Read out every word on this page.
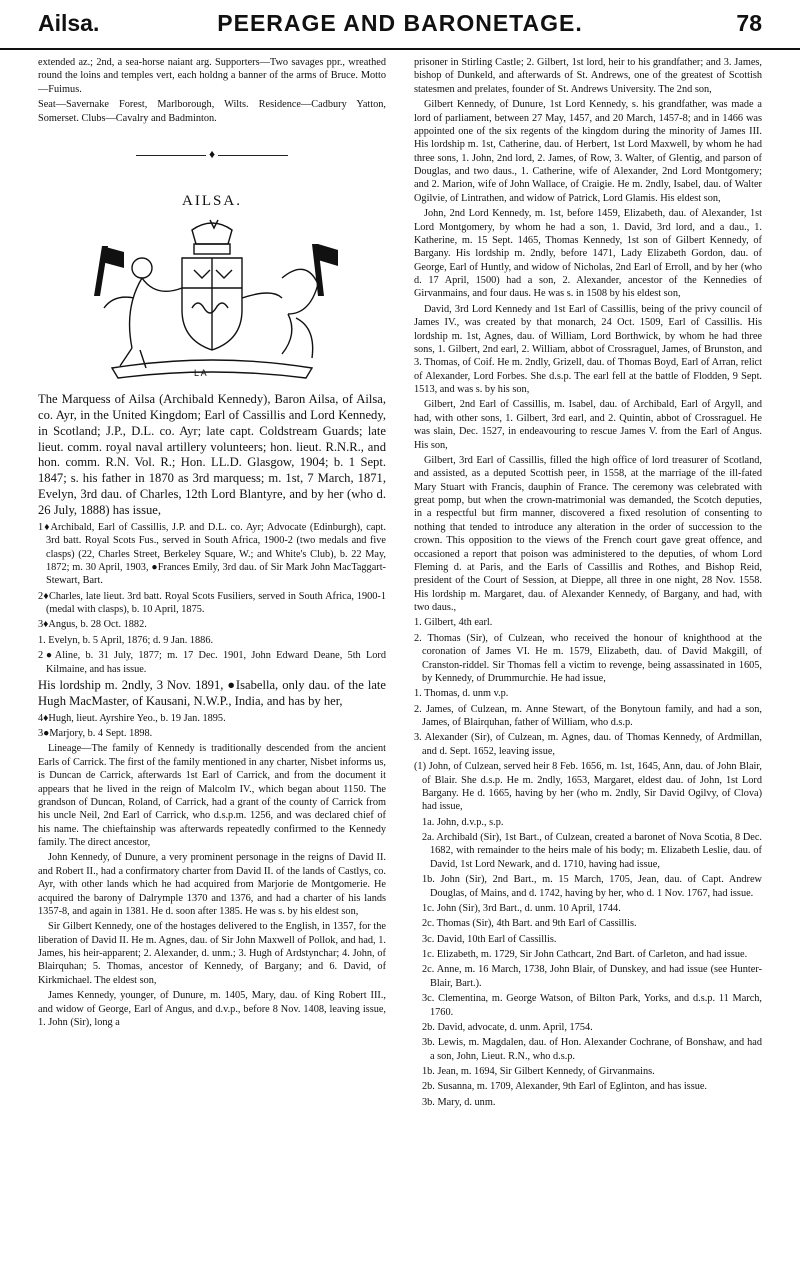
Ailsa.	PEERAGE AND BARONETAGE.	78

extended az.; 2nd, a sea-horse naiant arg. Supporters—Two savages ppr., wreathed round the loins and temples vert, each holdng a banner of the arms of Bruce. Motto—Fuimus.

Seat—Savernake Forest, Marlborough, Wilts. Residence—Cadbury Yatton, Somerset. Clubs—Cavalry and Badminton.

♦
AILSA.
L A

The Marquess of Ailsa (Archibald Kennedy), Baron Ailsa, of Ailsa, co. Ayr, in the United Kingdom; Earl of Cassillis and Lord Kennedy, in Scotland; J.P., D.L. co. Ayr; late capt. Coldstream Guards; late lieut. comm. royal naval artillery volunteers; hon. lieut. R.N.R., and hon. comm. R.N. Vol. R.; Hon. LL.D. Glasgow, 1904; b. 1 Sept. 1847; s. his father in 1870 as 3rd marquess; m. 1st, 7 March, 1871, Evelyn, 3rd dau. of Charles, 12th Lord Blantyre, and by her (who d. 26 July, 1888) has issue,

1♦Archibald, Earl of Cassillis, J.P. and D.L. co. Ayr; Advocate (Edinburgh), capt. 3rd batt. Royal Scots Fus., served in South Africa, 1900-2 (two medals and five clasps) (22, Charles Street, Berkeley Square, W.; and White's Club), b. 22 May, 1872; m. 30 April, 1903, ●Frances Emily, 3rd dau. of Sir Mark John MacTaggart-Stewart, Bart.

2♦Charles, late lieut. 3rd batt. Royal Scots Fusiliers, served in South Africa, 1900-1 (medal with clasps), b. 10 April, 1875.

3♦Angus, b. 28 Oct. 1882.

1. Evelyn, b. 5 April, 1876; d. 9 Jan. 1886.

2●Aline, b. 31 July, 1877; m. 17 Dec. 1901, John Edward Deane, 5th Lord Kilmaine, and has issue.

His lordship m. 2ndly, 3 Nov. 1891, ●Isabella, only dau. of the late Hugh MacMaster, of Kausani, N.W.P., India, and has by her,

4♦Hugh, lieut. Ayrshire Yeo., b. 19 Jan. 1895.

3●Marjory, b. 4 Sept. 1898.

Lineage—The family of Kennedy is traditionally descended from the ancient Earls of Carrick. The first of the family mentioned in any charter, Nisbet informs us, is Duncan de Carrick, afterwards 1st Earl of Carrick, and from the document it appears that he lived in the reign of Malcolm IV., which began about 1150. The grandson of Duncan, Roland, of Carrick, had a grant of the county of Carrick from his uncle Neil, 2nd Earl of Carrick, who d.s.p.m. 1256, and was declared chief of his name. The chieftainship was afterwards repeatedly confirmed to the Kennedy family. The direct ancestor,

John Kennedy, of Dunure, a very prominent personage in the reigns of David II. and Robert II., had a confirmatory charter from David II. of the lands of Castlys, co. Ayr, with other lands which he had acquired from Marjorie de Montgomerie. He acquired the barony of Dalrymple 1370 and 1376, and had a charter of his lands 1357-8, and again in 1381. He d. soon after 1385. He was s. by his eldest son,

Sir Gilbert Kennedy, one of the hostages delivered to the English, in 1357, for the liberation of David II. He m. Agnes, dau. of Sir John Maxwell of Pollok, and had, 1. James, his heir-apparent; 2. Alexander, d. unm.; 3. Hugh of Ardstynchar; 4. John, of Blairquhan; 5. Thomas, ancestor of Kennedy, of Bargany; and 6. David, of Kirkmichael. The eldest son,

James Kennedy, younger, of Dunure, m. 1405, Mary, dau. of King Robert III., and widow of George, Earl of Angus, and d.v.p., before 8 Nov. 1408, leaving issue, 1. John (Sir), long a

prisoner in Stirling Castle; 2. Gilbert, 1st lord, heir to his grandfather; and 3. James, bishop of Dunkeld, and afterwards of St. Andrews, one of the greatest of Scottish statesmen and prelates, founder of St. Andrews University. The 2nd son,

Gilbert Kennedy, of Dunure, 1st Lord Kennedy, s. his grandfather, was made a lord of parliament, between 27 May, 1457, and 20 March, 1457-8; and in 1466 was appointed one of the six regents of the kingdom during the minority of James III. His lordship m. 1st, Catherine, dau. of Herbert, 1st Lord Maxwell, by whom he had three sons, 1. John, 2nd lord, 2. James, of Row, 3. Walter, of Glentig, and parson of Douglas, and two daus., 1. Catherine, wife of Alexander, 2nd Lord Montgomery; and 2. Marion, wife of John Wallace, of Craigie. He m. 2ndly, Isabel, dau. of Walter Ogilvie, of Lintrathen, and widow of Patrick, Lord Glamis. His eldest son,

John, 2nd Lord Kennedy, m. 1st, before 1459, Elizabeth, dau. of Alexander, 1st Lord Montgomery, by whom he had a son, 1. David, 3rd lord, and a dau., 1. Katherine, m. 15 Sept. 1465, Thomas Kennedy, 1st son of Gilbert Kennedy, of Bargany. His lordship m. 2ndly, before 1471, Lady Elizabeth Gordon, dau. of George, Earl of Huntly, and widow of Nicholas, 2nd Earl of Erroll, and by her (who d. 17 April, 1500) had a son, 2. Alexander, ancestor of the Kennedies of Girvanmains, and four daus. He was s. in 1508 by his eldest son,

David, 3rd Lord Kennedy and 1st Earl of Cassillis, being of the privy council of James IV., was created by that monarch, 24 Oct. 1509, Earl of Cassillis. His lordship m. 1st, Agnes, dau. of William, Lord Borthwick, by whom he had three sons, 1. Gilbert, 2nd earl, 2. William, abbot of Crossraguel, James, of Brunston, and 3. Thomas, of Coif. He m. 2ndly, Grizell, dau. of Thomas Boyd, Earl of Arran, relict of Alexander, Lord Forbes. She d.s.p. The earl fell at the battle of Flodden, 9 Sept. 1513, and was s. by his son,

Gilbert, 2nd Earl of Cassillis, m. Isabel, dau. of Archibald, Earl of Argyll, and had, with other sons, 1. Gilbert, 3rd earl, and 2. Quintin, abbot of Crossraguel. He was slain, Dec. 1527, in endeavouring to rescue James V. from the Earl of Angus. His son,

Gilbert, 3rd Earl of Cassillis, filled the high office of lord treasurer of Scotland, and assisted, as a deputed Scottish peer, in 1558, at the marriage of the ill-fated Mary Stuart with Francis, dauphin of France. The ceremony was celebrated with great pomp, but when the crown-matrimonial was demanded, the Scotch deputies, in a respectful but firm manner, discovered a fixed resolution of consenting to nothing that tended to introduce any alteration in the order of succession to the crown. This opposition to the views of the French court gave great offence, and occasioned a report that poison was administered to the deputies, of whom Lord Fleming d. at Paris, and the Earls of Cassillis and Rothes, and Bishop Reid, president of the Court of Session, at Dieppe, all three in one night, 28 Nov. 1558. His lordship m. Margaret, dau. of Alexander Kennedy, of Bargany, and had, with two daus.,

1. Gilbert, 4th earl.

2. Thomas (Sir), of Culzean, who received the honour of knighthood at the coronation of James VI. He m. 1579, Elizabeth, dau. of David Makgill, of Cranston-riddel. Sir Thomas fell a victim to revenge, being assassinated in 1605, by Kennedy, of Drummurchie. He had issue,

1. Thomas, d. unm v.p.

2. James, of Culzean, m. Anne Stewart, of the Bonytoun family, and had a son, James, of Blairquhan, father of William, who d.s.p.

3. Alexander (Sir), of Culzean, m. Agnes, dau. of Thomas Kennedy, of Ardmillan, and d. Sept. 1652, leaving issue,

(1) John, of Culzean, served heir 8 Feb. 1656, m. 1st, 1645, Ann, dau. of John Blair, of Blair. She d.s.p. He m. 2ndly, 1653, Margaret, eldest dau. of John, 1st Lord Bargany. He d. 1665, having by her (who m. 2ndly, Sir David Ogilvy, of Clova) had issue,

1a. John, d.v.p., s.p.

2a. Archibald (Sir), 1st Bart., of Culzean, created a baronet of Nova Scotia, 8 Dec. 1682, with remainder to the heirs male of his body; m. Elizabeth Leslie, dau. of David, 1st Lord Newark, and d. 1710, having had issue,

1b. John (Sir), 2nd Bart., m. 15 March, 1705, Jean, dau. of Capt. Andrew Douglas, of Mains, and d. 1742, having by her, who d. 1 Nov. 1767, had issue.

1c. John (Sir), 3rd Bart., d. unm. 10 April, 1744.

2c. Thomas (Sir), 4th Bart. and 9th Earl of Cassillis.

3c. David, 10th Earl of Cassillis.

1c. Elizabeth, m. 1729, Sir John Cathcart, 2nd Bart. of Carleton, and had issue.

2c. Anne, m. 16 March, 1738, John Blair, of Dunskey, and had issue (see Hunter-Blair, Bart.).

3c. Clementina, m. George Watson, of Bilton Park, Yorks, and d.s.p. 11 March, 1760.

2b. David, advocate, d. unm. April, 1754.

3b. Lewis, m. Magdalen, dau. of Hon. Alexander Cochrane, of Bonshaw, and had a son, John, Lieut. R.N., who d.s.p.

1b. Jean, m. 1694, Sir Gilbert Kennedy, of Girvanmains.

2b. Susanna, m. 1709, Alexander, 9th Earl of Eglinton, and has issue.

3b. Mary, d. unm.
